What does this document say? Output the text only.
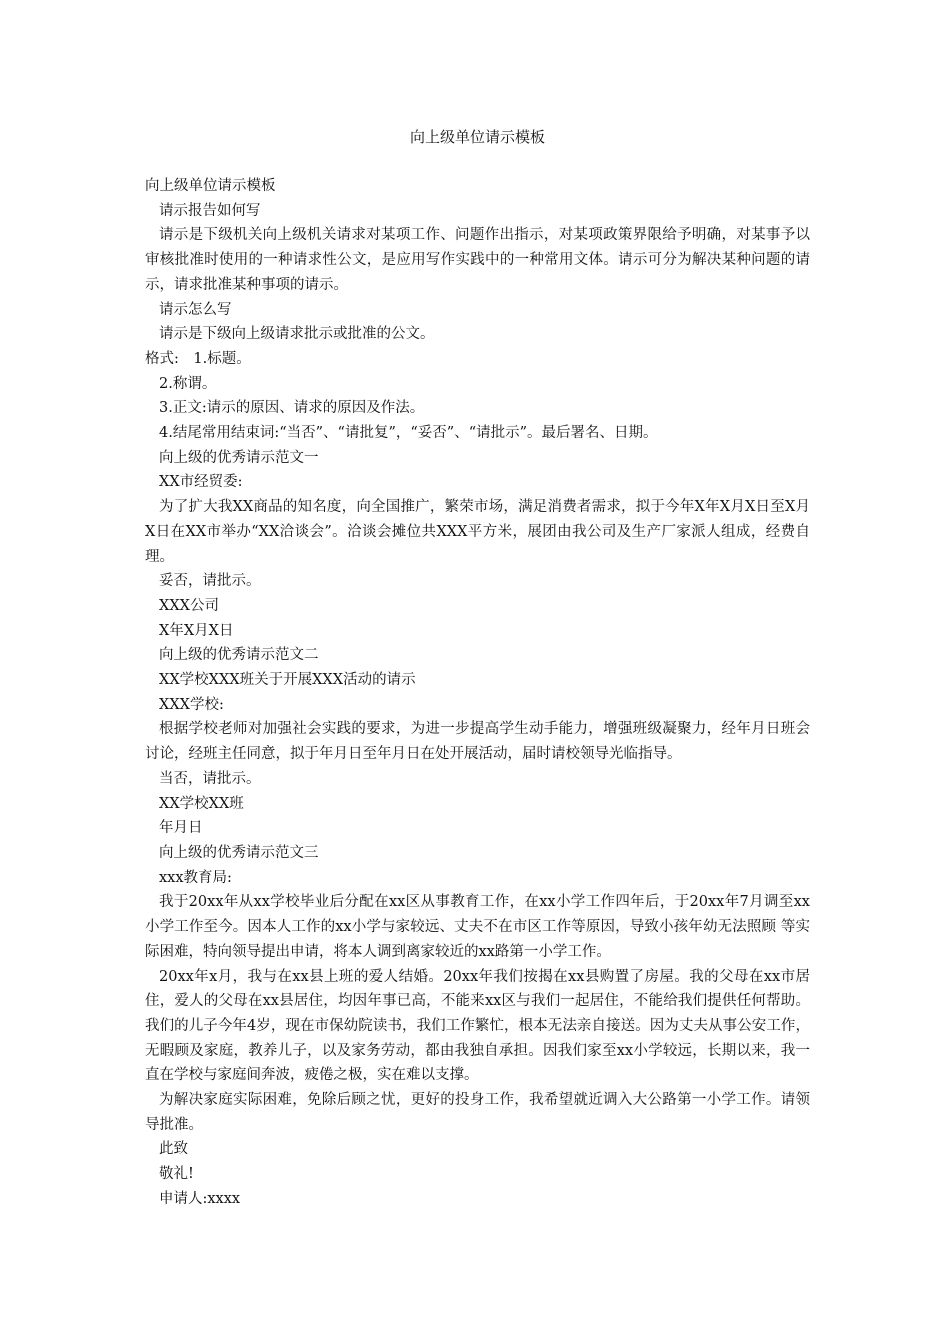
向上级单位请示模板

向上级单位请示模板

请示报告如何写

请示是下级机关向上级机关请求对某项工作、问题作出指示，对某项政策界限给予明确，对某事予以审核批准时使用的一种请求性公文，是应用写作实践中的一种常用文体。请示可分为解决某种问题的请示，请求批准某种事项的请示。

请示怎么写

请示是下级向上级请求批示或批准的公文。

格式:　1.标题。

2.称谓。

3.正文:请示的原因、请求的原因及作法。

4.结尾常用结束词:“当否”、“请批复”，“妥否”、“请批示”。最后署名、日期。

向上级的优秀请示范文一

XX市经贸委:

为了扩大我XX商品的知名度，向全国推广，繁荣市场，满足消费者需求，拟于今年X年X月X日至X月X日在XX市举办“XX洽谈会”。洽谈会摊位共XXX平方米，展团由我公司及生产厂家派人组成，经费自理。

妥否，请批示。

XXX公司

X年X月X日

向上级的优秀请示范文二

XX学校XXX班关于开展XXX活动的请示

XXX学校:

根据学校老师对加强社会实践的要求，为进一步提高学生动手能力，增强班级凝聚力，经年月日班会讨论，经班主任同意，拟于年月日至年月日在处开展活动，届时请校领导光临指导。

当否，请批示。

XX学校XX班

年月日

向上级的优秀请示范文三

xxx教育局:

我于20xx年从xx学校毕业后分配在xx区从事教育工作，在xx小学工作四年后，于20xx年7月调至xx小学工作至今。因本人工作的xx小学与家较远、丈夫不在市区工作等原因，导致小孩年幼无法照顾 等实际困难，特向领导提出申请，将本人调到离家较近的xx路第一小学工作。

20xx年x月，我与在xx县上班的爱人结婚。20xx年我们按揭在xx县购置了房屋。我的父母在xx市居住，爱人的父母在xx县居住，均因年事已高，不能来xx区与我们一起居住，不能给我们提供任何帮助。我们的儿子今年4岁，现在市保幼院读书，我们工作繁忙，根本无法亲自接送。因为丈夫从事公安工作，无暇顾及家庭，教养儿子，以及家务劳动，都由我独自承担。因我们家至xx小学较远，长期以来，我一直在学校与家庭间奔波，疲倦之极，实在难以支撑。

为解决家庭实际困难，免除后顾之忧，更好的投身工作，我希望就近调入大公路第一小学工作。请领导批准。

此致

敬礼!

申请人:xxxx
